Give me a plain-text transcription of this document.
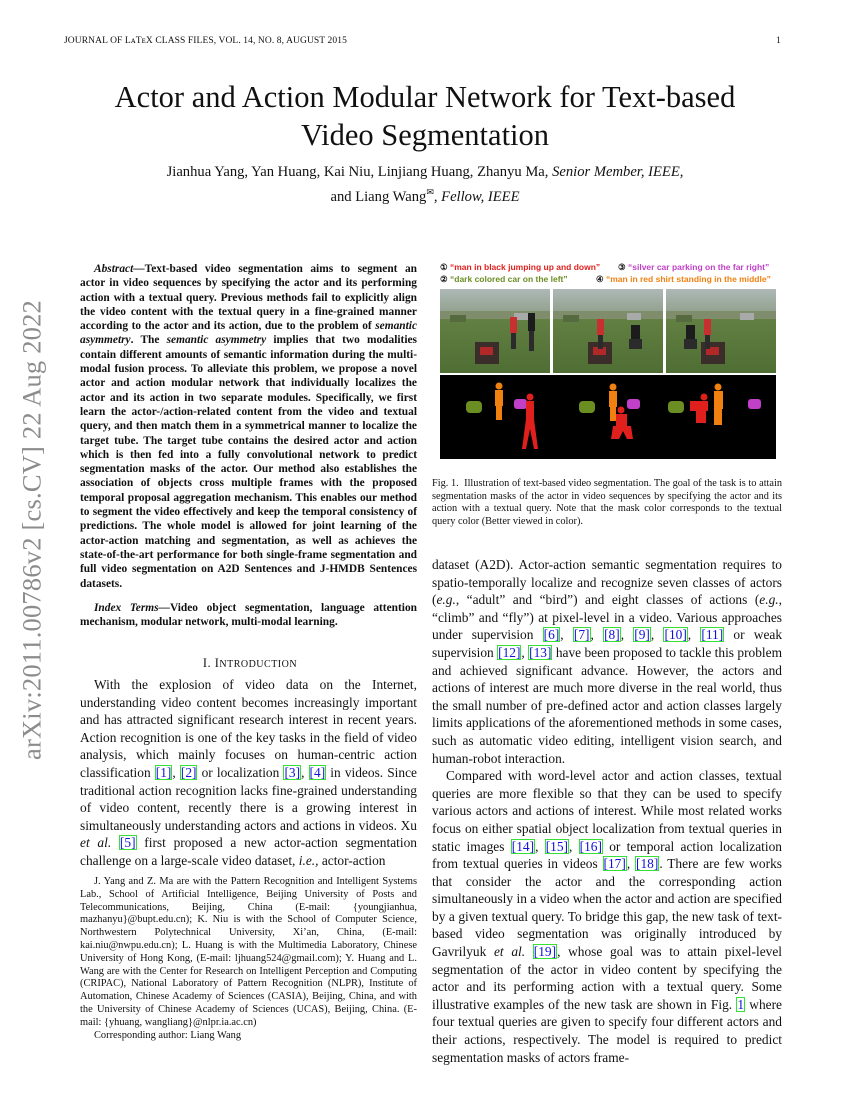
JOURNAL OF LᴀTᴇX CLASS FILES, VOL. 14, NO. 8, AUGUST 2015	1
Actor and Action Modular Network for Text-based
Video Segmentation
Jianhua Yang, Yan Huang, Kai Niu, Linjiang Huang, Zhanyu Ma, Senior Member, IEEE,
and Liang Wang✉, Fellow, IEEE
arXiv:2011.00786v2 [cs.CV] 22 Aug 2022

Abstract—Text-based video segmentation aims to segment an actor in video sequences by specifying the actor and its performing action with a textual query. Previous methods fail to explicitly align the video content with the textual query in a fine-grained manner according to the actor and its action, due to the problem of semantic asymmetry. The semantic asymmetry implies that two modalities contain different amounts of semantic information during the multi-modal fusion process. To alleviate this problem, we propose a novel actor and action modular network that individually localizes the actor and its action in two separate modules. Specifically, we first learn the actor-/action-related content from the video and textual query, and then match them in a symmetrical manner to localize the target tube. The target tube contains the desired actor and action which is then fed into a fully convolutional network to predict segmentation masks of the actor. Our method also establishes the association of objects cross multiple frames with the proposed temporal proposal aggregation mechanism. This enables our method to segment the video effectively and keep the temporal consistency of predictions. The whole model is allowed for joint learning of the actor-action matching and segmentation, as well as achieves the state-of-the-art performance for both single-frame segmentation and full video segmentation on A2D Sentences and J-HMDB Sentences datasets.

Index Terms—Video object segmentation, language attention mechanism, modular network, multi-modal learning.

I. INTRODUCTION

With the explosion of video data on the Internet, understanding video content becomes increasingly important and has attracted significant research interest in recent years. Action recognition is one of the key tasks in the field of video analysis, which mainly focuses on human-centric action classification [1], [2] or localization [3], [4] in videos. Since traditional action recognition lacks fine-grained understanding of video content, recently there is a growing interest in simultaneously understanding actors and actions in videos. Xu et al. [5] first proposed a new actor-action segmentation challenge on a large-scale video dataset, i.e., actor-action

J. Yang and Z. Ma are with the Pattern Recognition and Intelligent Systems Lab., School of Artificial Intelligence, Beijing University of Posts and Telecommunications, Beijing, China (E-mail: {youngjianhua, mazhanyu}@bupt.edu.cn); K. Niu is with the School of Computer Science, Northwestern Polytechnical University, Xi’an, China, (E-mail: kai.niu@nwpu.edu.cn); L. Huang is with the Multimedia Laboratory, Chinese University of Hong Kong, (E-mail: ljhuang524@gmail.com); Y. Huang and L. Wang are with the Center for Research on Intelligent Perception and Computing (CRIPAC), National Laboratory of Pattern Recognition (NLPR), Institute of Automation, Chinese Academy of Sciences (CASIA), Beijing, China, and with the University of Chinese Academy of Sciences (UCAS), Beijing, China. (E-mail: {yhuang, wangliang}@nlpr.ia.ac.cn)

Corresponding author: Liang Wang

① “man in black jumping up and down” ③ “silver car parking on the far right”
② “dark colored car on the left”	④ “man in red shirt standing in the middle”

Fig. 1. Illustration of text-based video segmentation. The goal of the task is to attain segmentation masks of the actor in video sequences by specifying the actor and its action with a textual query. Note that the mask color corresponds to the textual query color (Better viewed in color).

dataset (A2D). Actor-action semantic segmentation requires to spatio-temporally localize and recognize seven classes of actors (e.g., “adult” and “bird”) and eight classes of actions (e.g., “climb” and “fly”) at pixel-level in a video. Various approaches under supervision [6], [7], [8], [9], [10], [11] or weak supervision [12], [13] have been proposed to tackle this problem and achieved significant advance. However, the actors and actions of interest are much more diverse in the real world, thus the small number of pre-defined actor and action classes largely limits applications of the aforementioned methods in some cases, such as automatic video editing, intelligent vision search, and human-robot interaction.

Compared with word-level actor and action classes, textual queries are more flexible so that they can be used to specify various actors and actions of interest. While most related works focus on either spatial object localization from textual queries in static images [14], [15], [16] or temporal action localization from textual queries in videos [17], [18]. There are few works that consider the actor and the corresponding action simultaneously in a video when the actor and action are specified by a given textual query. To bridge this gap, the new task of text-based video segmentation was originally introduced by Gavrilyuk et al. [19], whose goal was to attain pixel-level segmentation of the actor in video content by specifying the actor and its performing action with a textual query. Some illustrative examples of the new task are shown in Fig. 1 where four textual queries are given to specify four different actors and their actions, respectively. The model is required to predict segmentation masks of actors frame-
